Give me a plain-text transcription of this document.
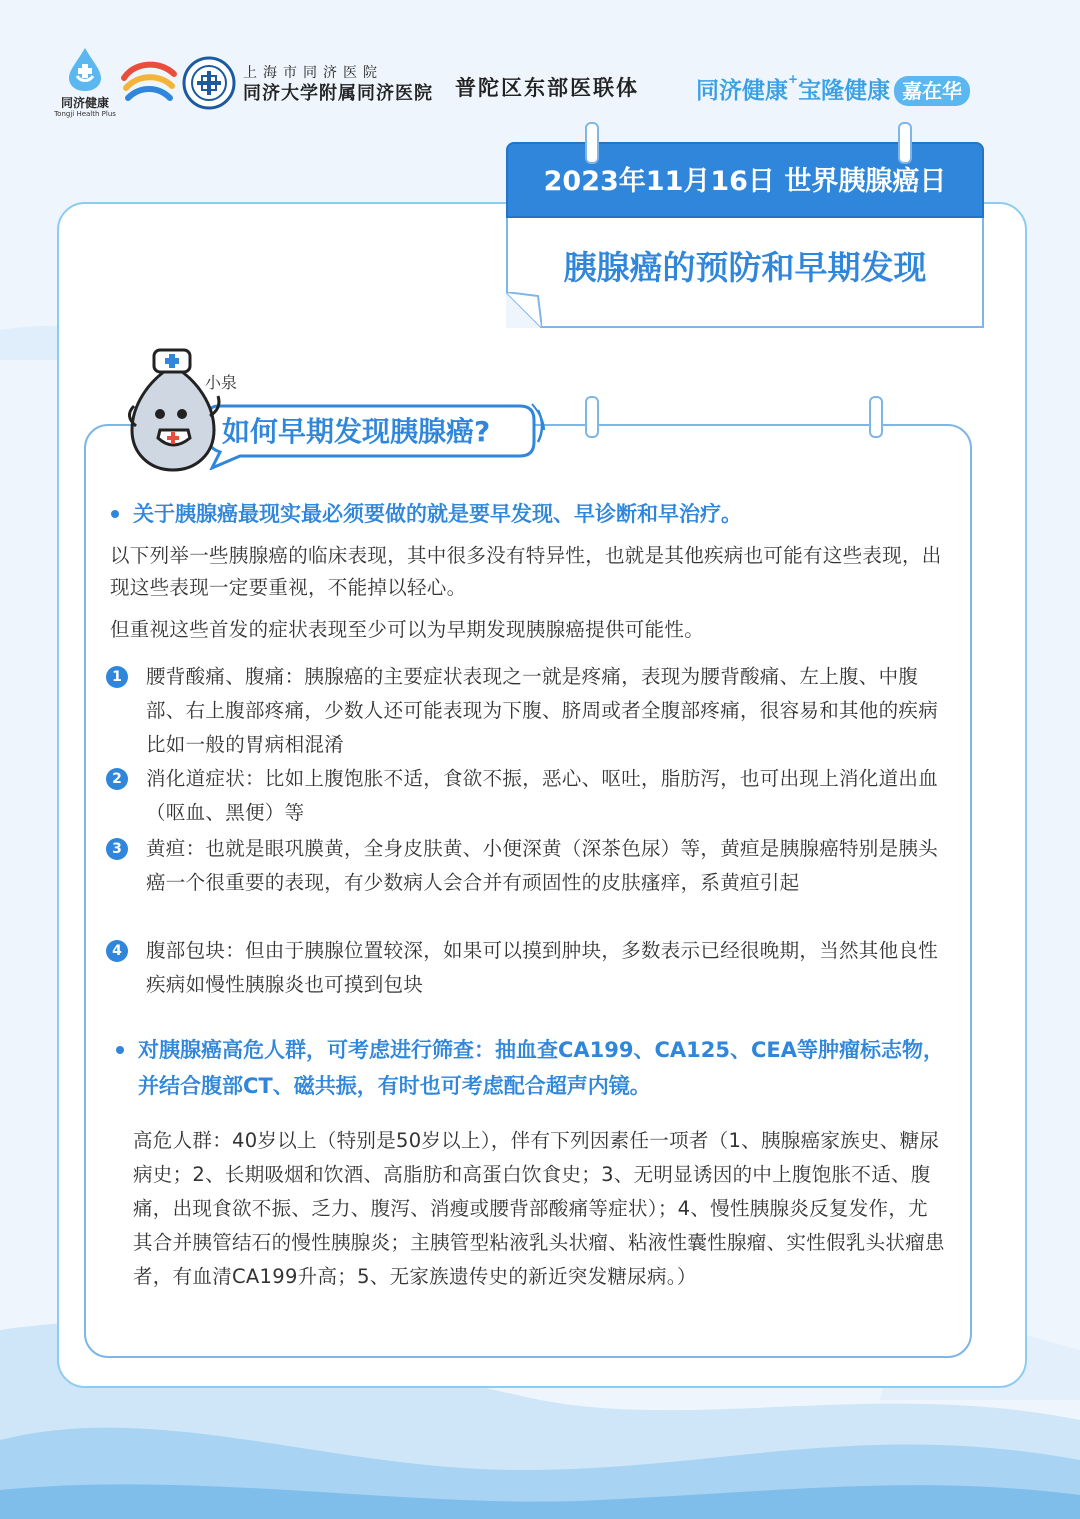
同济健康
Tongji Health Plus
上海市同济医院
同济大学附属同济医院 普陀区东部医联体 同济健康+宝隆健康 嘉在华
2023年11月16日 世界胰腺癌日
胰腺癌的预防和早期发现
小泉
如何早期发现胰腺癌?
关于胰腺癌最现实最必须要做的就是要早发现、早诊断和早治疗。
以下列举一些胰腺癌的临床表现，其中很多没有特异性，也就是其他疾病也可能有这些表现，出现这些表现一定要重视，不能掉以轻心。
但重视这些首发的症状表现至少可以为早期发现胰腺癌提供可能性。
1	腰背酸痛、腹痛：胰腺癌的主要症状表现之一就是疼痛，表现为腰背酸痛、左上腹、中腹部、右上腹部疼痛，少数人还可能表现为下腹、脐周或者全腹部疼痛，很容易和其他的疾病比如一般的胃病相混淆
2	消化道症状：比如上腹饱胀不适，食欲不振，恶心、呕吐，脂肪泻，也可出现上消化道出血（呕血、黑便）等
3	黄疸：也就是眼巩膜黄，全身皮肤黄、小便深黄（深茶色尿）等，黄疸是胰腺癌特别是胰头癌一个很重要的表现，有少数病人会合并有顽固性的皮肤瘙痒，系黄疸引起
4	腹部包块：但由于胰腺位置较深，如果可以摸到肿块，多数表示已经很晚期，当然其他良性疾病如慢性胰腺炎也可摸到包块
对胰腺癌高危人群，可考虑进行筛查：抽血查CA199、CA125、CEA等肿瘤标志物，并结合腹部CT、磁共振，有时也可考虑配合超声内镜。
高危人群：40岁以上（特别是50岁以上），伴有下列因素任一项者（1、胰腺癌家族史、糖尿病史；2、长期吸烟和饮酒、高脂肪和高蛋白饮食史；3、无明显诱因的中上腹饱胀不适、腹痛，出现食欲不振、乏力、腹泻、消瘦或腰背部酸痛等症状）；4、慢性胰腺炎反复发作，尤其合并胰管结石的慢性胰腺炎；主胰管型粘液乳头状瘤、粘液性囊性腺瘤、实性假乳头状瘤患者，有血清CA199升高；5、无家族遗传史的新近突发糖尿病。）
